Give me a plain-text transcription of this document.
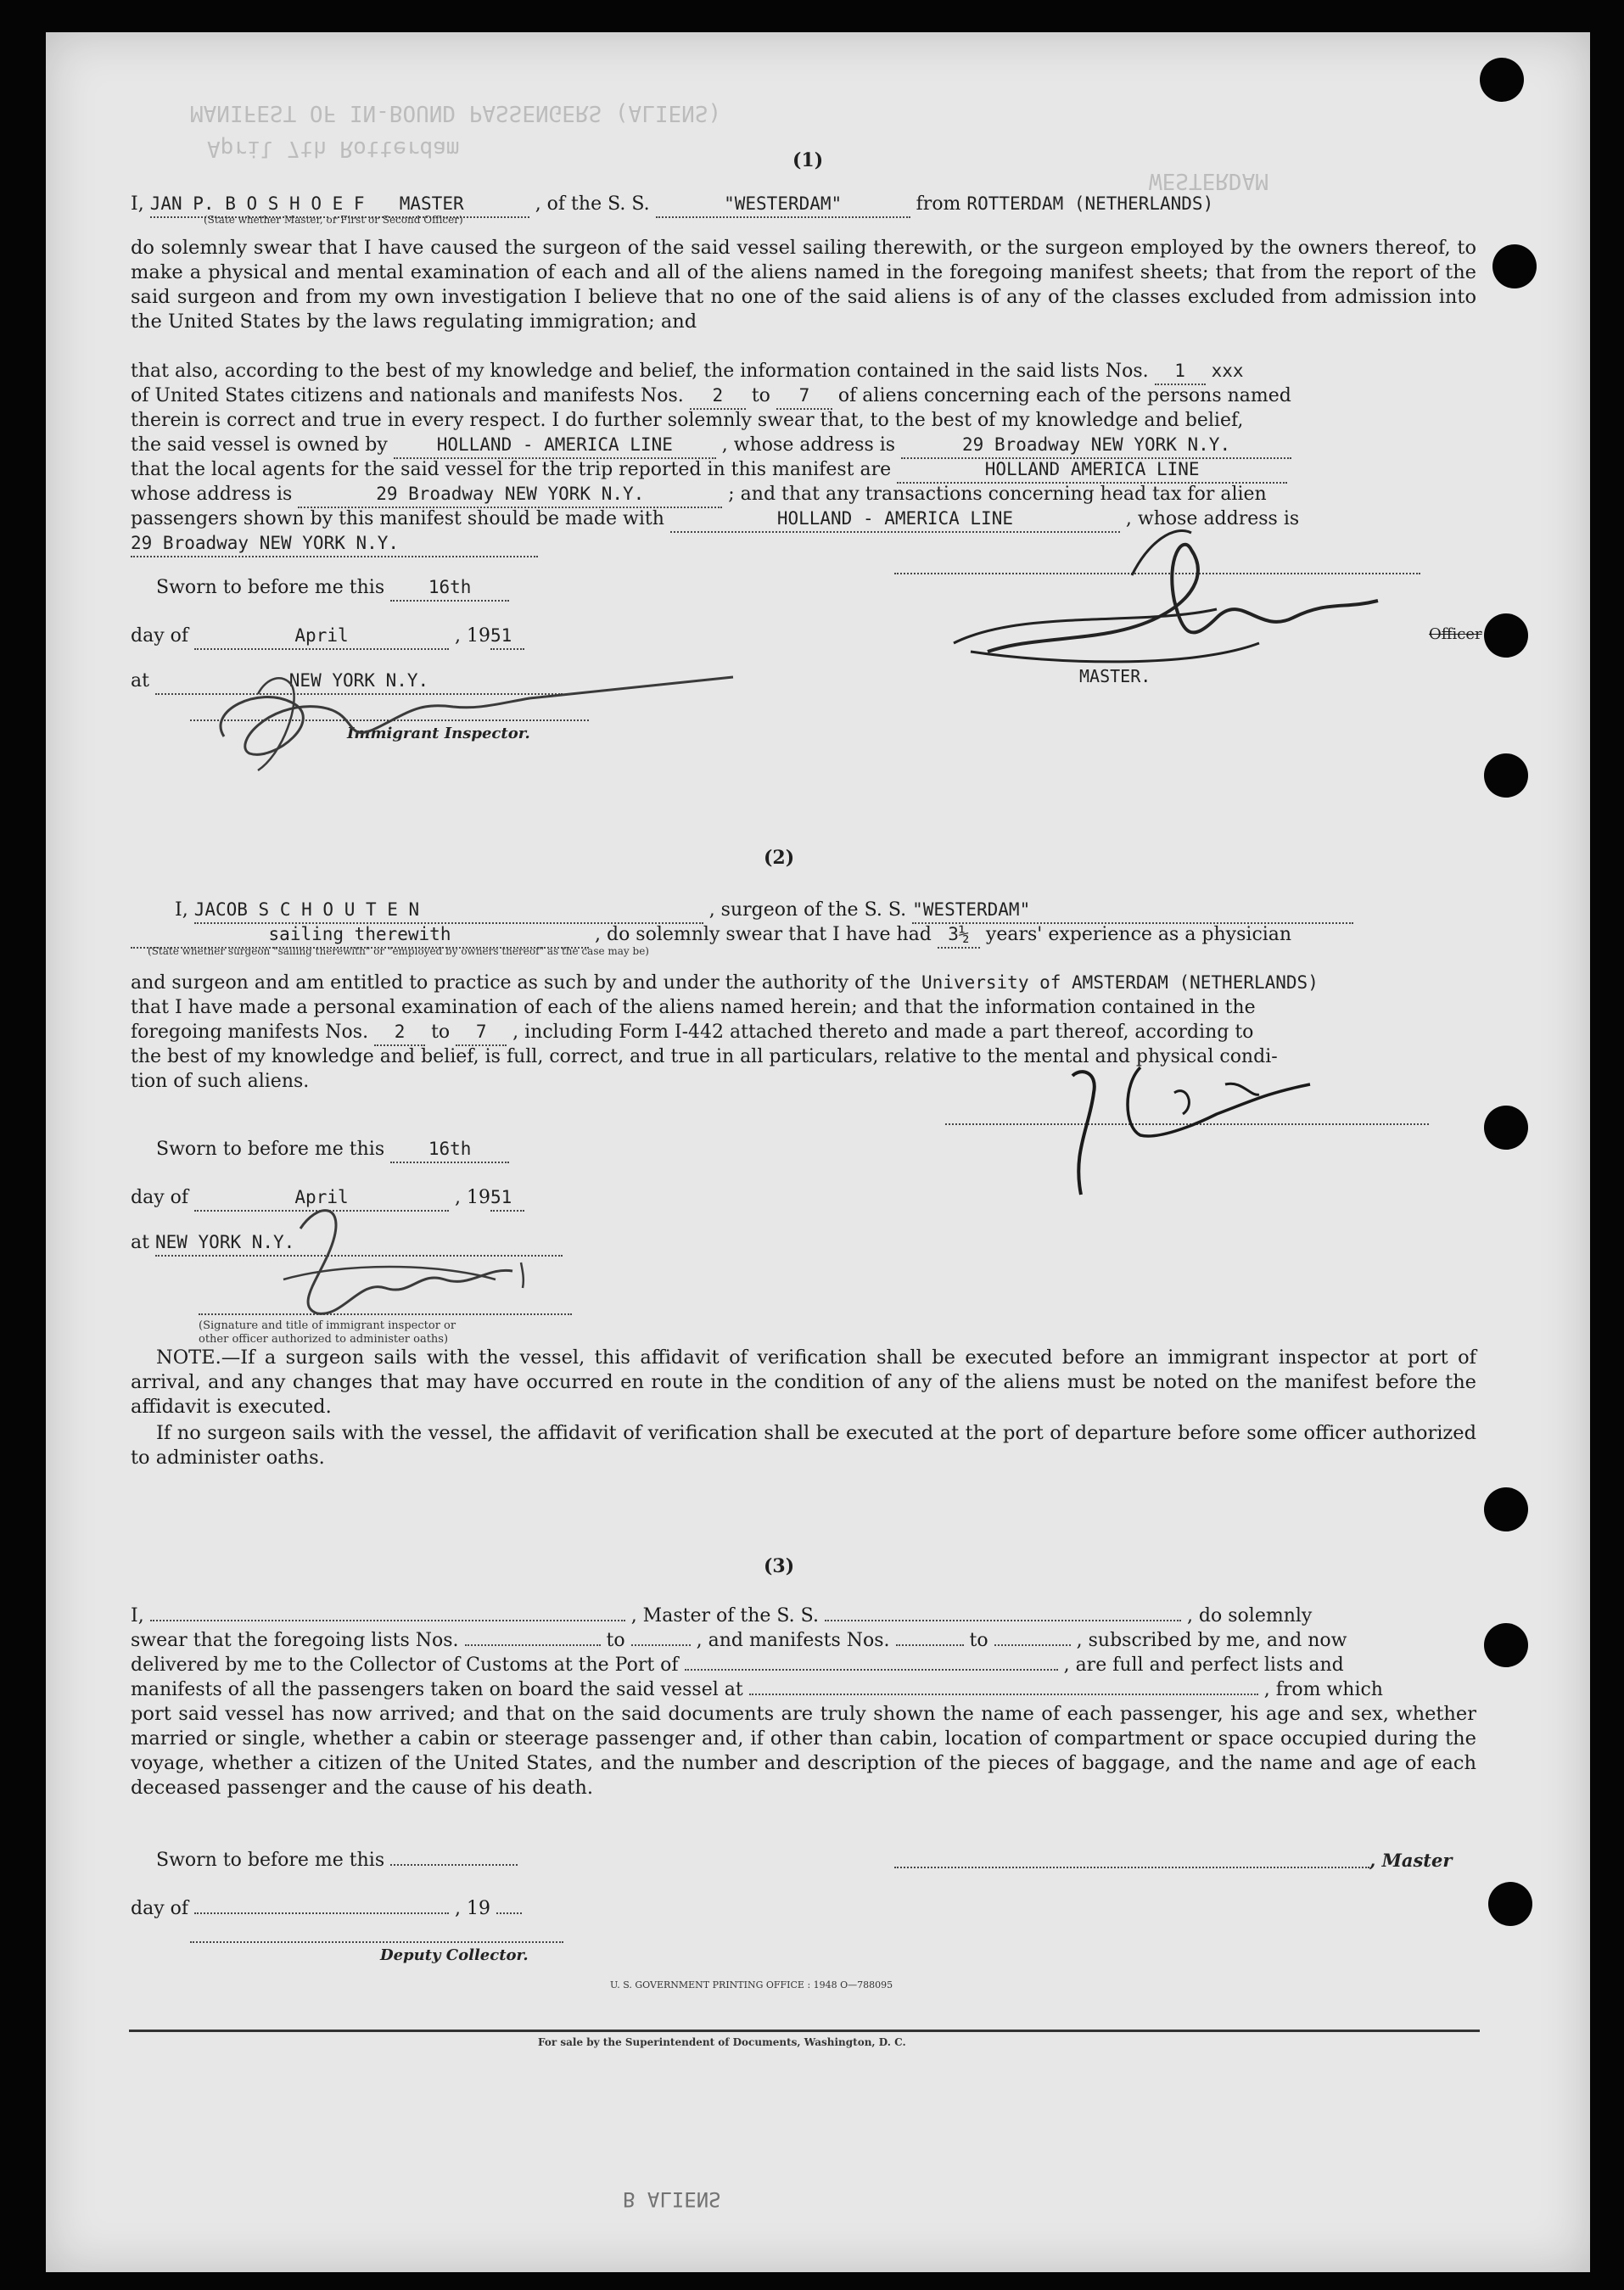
MANIFEST OF IN-BOUND PASSENGERS (ALIENS)
April 7th Rotterdam
WESTERDAM
(1)
I, JAN P. B O S H O E F MASTER	, of the S. S.	"WESTERDAM"	from ROTTERDAM (NETHERLANDS)
(State whether Master, or First or Second Officer)
do solemnly swear that I have caused the surgeon of the said vessel sailing therewith, or the surgeon employed by the owners thereof, to make a physical and mental examination of each and all of the aliens named in the foregoing manifest sheets; that from the report of the said surgeon and from my own investigation I believe that no one of the said aliens is of any of the classes excluded from admission into the United States by the laws regulating immigration; and
that also, according to the best of my knowledge and belief, the information contained in the said lists Nos. 1 xxx
of United States citizens and nationals and manifests Nos. 2 to 7 of aliens concerning each of the persons named
therein is correct and true in every respect. I do further solemnly swear that, to the best of my knowledge and belief,
the said vessel is owned by	HOLLAND - AMERICA LINE	, whose address is	29 Broadway NEW YORK N.Y.
that the local agents for the said vessel for the trip reported in this manifest are	HOLLAND AMERICA LINE
whose address is	29 Broadway NEW YORK N.Y.	; and that any transactions concerning head tax for alien
passengers shown by this manifest should be made with	HOLLAND - AMERICA LINE	, whose address is
29 Broadway NEW YORK N.Y.
Sworn to before me this 16th
day of	April	, 1951
at	NEW YORK N.Y.
Immigrant Inspector.
Officer
MASTER.
(2)
I, JACOB S C H O U T E N	, surgeon of the S. S. "WESTERDAM"
sailing therewith	, do solemnly swear that I have had 3½ years' experience as a physician
(State whether surgeon "sailing therewith" or "employed by owners thereof" as the case may be)
and surgeon and am entitled to practice as such by and under the authority of the University of AMSTERDAM (NETHERLANDS)
that I have made a personal examination of each of the aliens named herein; and that the information contained in the
foregoing manifests Nos. 2 to 7 , including Form I-442 attached thereto and made a part thereof, according to
the best of my knowledge and belief, is full, correct, and true in all particulars, relative to the mental and physical condi-
tion of such aliens.
Sworn to before me this 16th
day of	April	, 1951
at NEW YORK N.Y.
(Signature and title of immigrant inspector or
other officer authorized to administer oaths)
NOTE.—If a surgeon sails with the vessel, this affidavit of verification shall be executed before an immigrant inspector at port of arrival, and any changes that may have occurred en route in the condition of any of the aliens must be noted on the manifest before the affidavit is executed.
If no surgeon sails with the vessel, the affidavit of verification shall be executed at the port of departure before some officer authorized to administer oaths.
(3)
I,	, Master of the S. S.	, do solemnly
swear that the foregoing lists Nos.	to	, and manifests Nos.	to	, subscribed by me, and now
delivered by me to the Collector of Customs at the Port of	, are full and perfect lists and
manifests of all the passengers taken on board the said vessel at	, from which
port said vessel has now arrived; and that on the said documents are truly shown the name of each passenger, his age and sex, whether married or single, whether a cabin or steerage passenger and, if other than cabin, location of compartment or space occupied during the voyage, whether a citizen of the United States, and the number and description of the pieces of baggage, and the name and age of each deceased passenger and the cause of his death.
Sworn to before me this	, Master
day of	, 19
Deputy Collector.
U. S. GOVERNMENT PRINTING OFFICE : 1948 O—788095
For sale by the Superintendent of Documents, Washington, D. C.
B ALIENS
